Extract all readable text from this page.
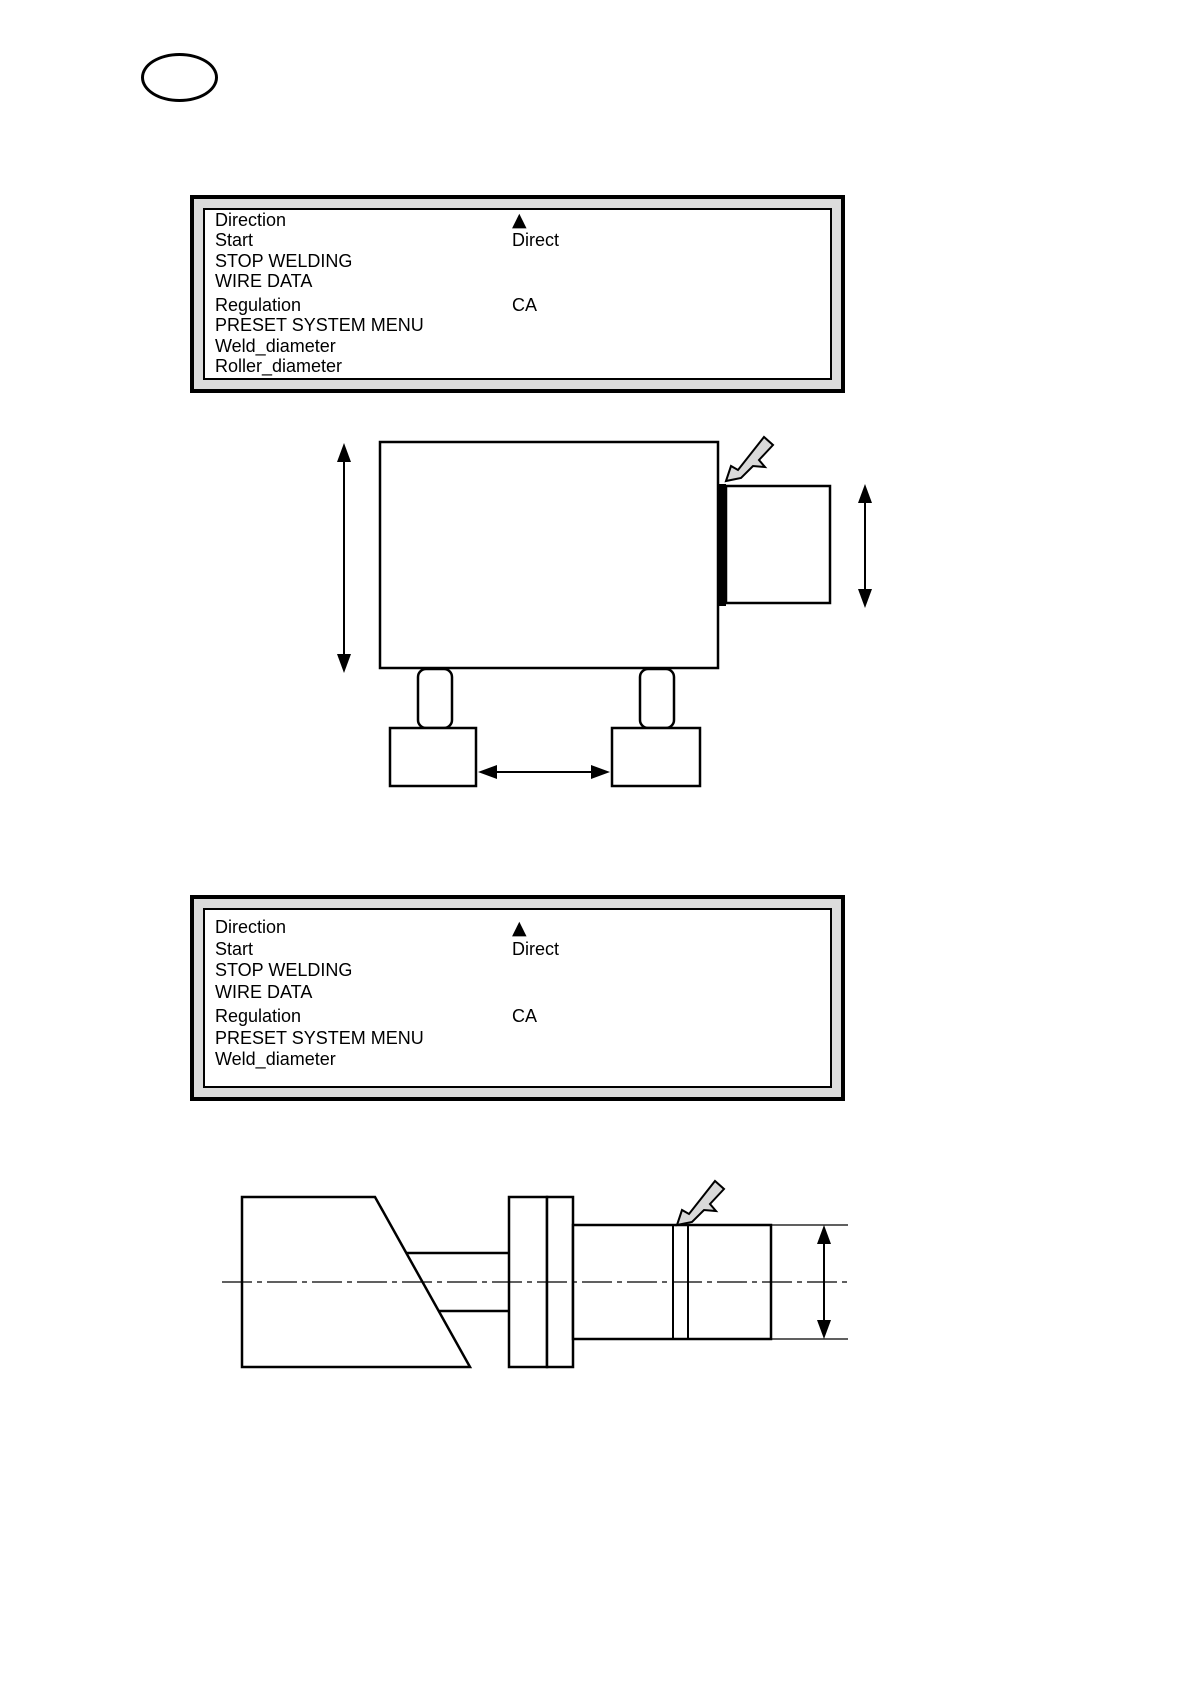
Direction	▲
Start	Direct
STOP WELDING
WIRE DATA
Regulation	CA
PRESET SYSTEM MENU
Weld_diameter
Roller_diameter
Direction	▲
Start	Direct
STOP WELDING
WIRE DATA
Regulation	CA
PRESET SYSTEM MENU
Weld_diameter
